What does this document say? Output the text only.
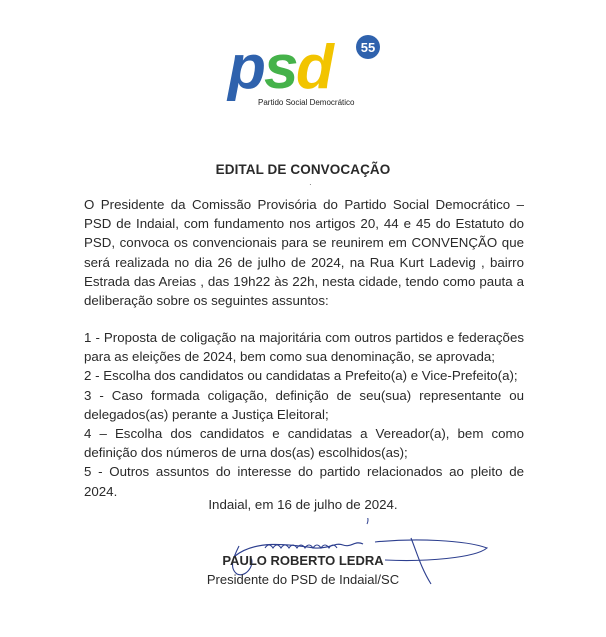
p
s
d 55
Partido Social Democrático
EDITAL DE CONVOCAÇÃO
·
O Presidente da Comissão Provisória do Partido Social Democrático – PSD de Indaial, com fundamento nos artigos 20, 44 e 45 do Estatuto do PSD, convoca os convencionais para se reunirem em CONVENÇÃO que será realizada no dia 26 de julho de 2024, na Rua Kurt Ladevig , bairro Estrada das Areias , das 19h22 às 22h, nesta cidade, tendo como pauta a deliberação sobre os seguintes assuntos:
1 - Proposta de coligação na majoritária com outros partidos e federações para as eleições de 2024, bem como sua denominação, se aprovada;
2 - Escolha dos candidatos ou candidatas a Prefeito(a) e Vice-Prefeito(a);
3 - Caso formada coligação, definição de seu(sua) representante ou delegados(as) perante a Justiça Eleitoral;
4 – Escolha dos candidatos e candidatas a Vereador(a), bem como definição dos números de urna dos(as) escolhidos(as);
5 - Outros assuntos do interesse do partido relacionados ao pleito de 2024.
Indaial, em 16 de julho de 2024.
PAULO ROBERTO LEDRA
Presidente do PSD de Indaial/SC
